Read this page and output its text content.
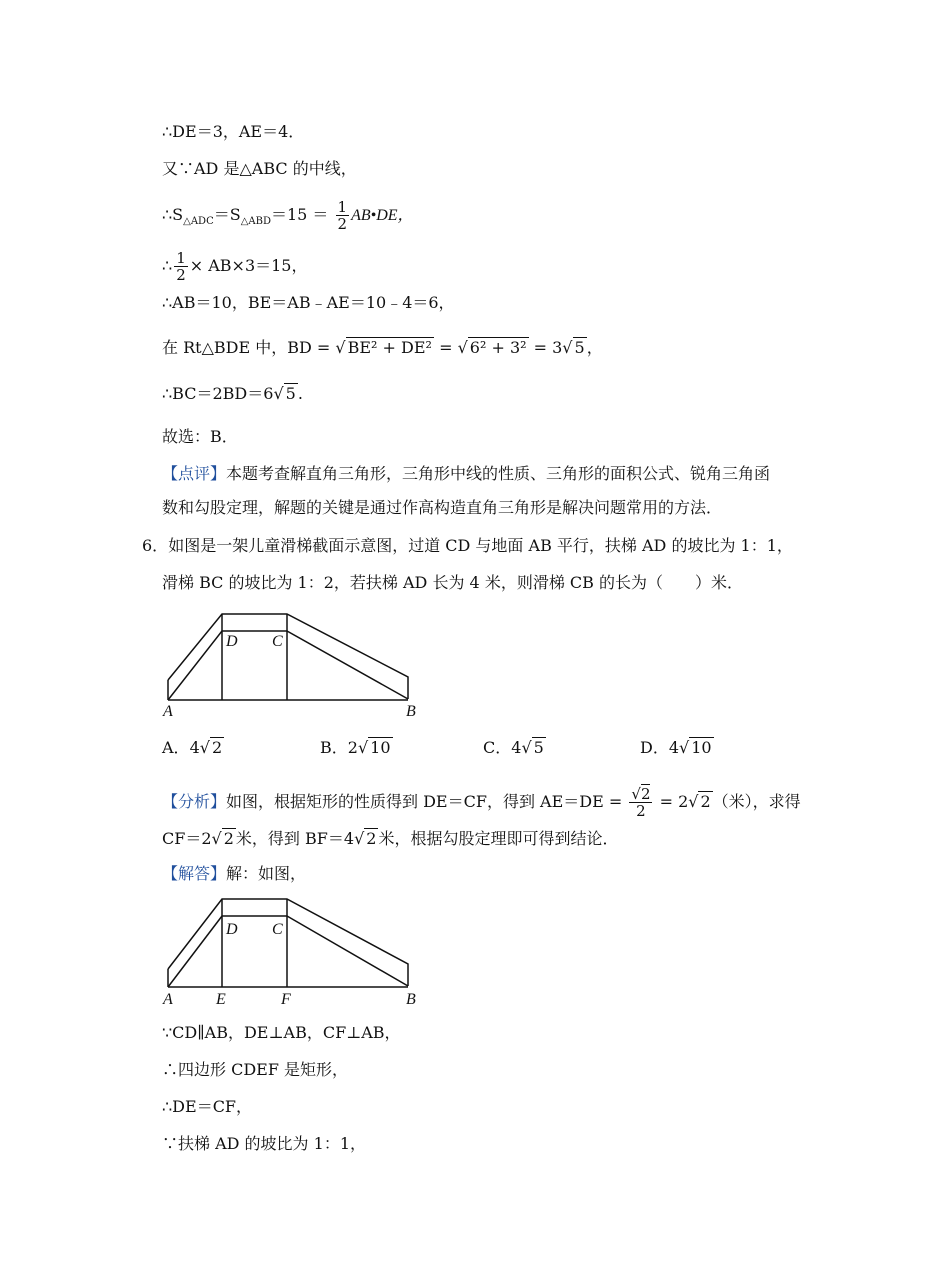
∴DE＝3，AE＝4．
又∵AD 是△ABC 的中线，
$\therefore S_{\triangle ADC}=S_{\triangle ABD}=15 = \frac{1}{2}$ AB•DE，
∴ $\frac{1}{2} \times AB\times 3=15$，
∴AB＝10，BE＝AB﹣AE＝10﹣4＝6，
在 Rt△BDE 中，BD = √ BE² + DE² = √ 6² + 3² = 3√ 5 ，
∴BC＝2BD＝6√ 5 .
故选：B．
【点评】本题考查解直角三角形，三角形中线的性质、三角形的面积公式、锐角三角函
数和勾股定理，解题的关键是通过作高构造直角三角形是解决问题常用的方法．
6．如图是一架儿童滑梯截面示意图，过道 CD 与地面 AB 平行，扶梯 AD 的坡比为 1：1，
滑梯 BC 的坡比为 1：2，若扶梯 AD 长为 4 米，则滑梯 CB 的长为（　　）米．
D C
A	B
A．4√ 2	B．2√ 10	C．4√ 5	D．4√ 10
【分析】如图，根据矩形的性质得到 DE＝CF，得到 $AE=DE = \frac{√2}{2} = 2√$ 2 （米），求得
CF＝2√ 2 米，得到 BF＝4√ 2 米，根据勾股定理即可得到结论．
【解答】解：如图，
D C
A	E	F	B
∵CD∥AB，DE⊥AB，CF⊥AB，
∴四边形 CDEF 是矩形，
∴DE＝CF，
∵扶梯 AD 的坡比为 1：1，
